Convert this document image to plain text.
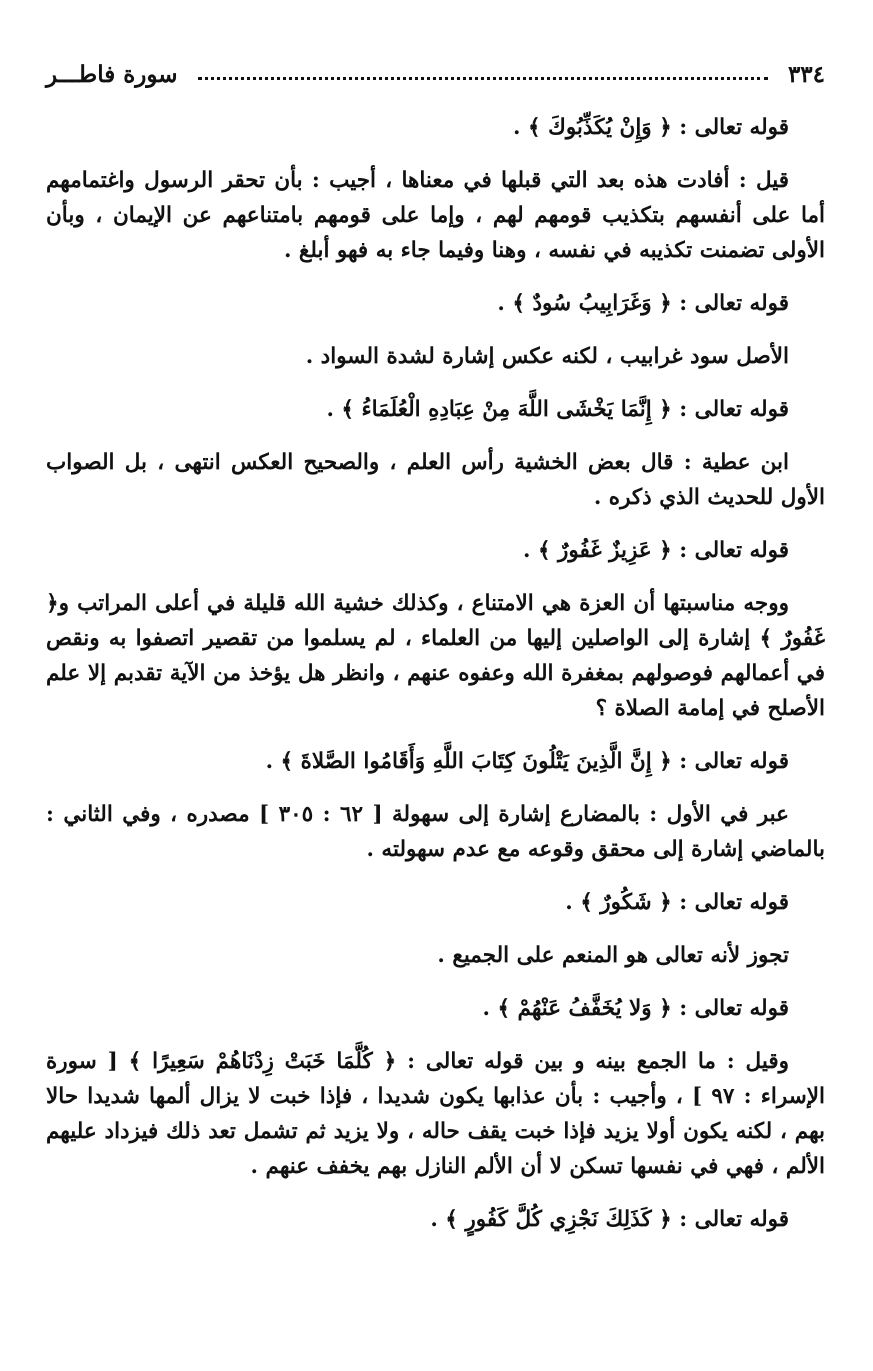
٣٣٤
سورة فاطـــر
قوله تعالى : ﴿ وَإِنْ يُكَذِّبُوكَ ﴾ .
قيل : أفادت هذه بعد التي قبلها في معناها ، أجيب : بأن تحقر الرسول واغتمامهم أما على أنفسهم بتكذيب قومهم لهم ، وإما على قومهم بامتناعهم عن الإيمان ، وبأن الأولى تضمنت تكذيبه في نفسه ، وهنا وفيما جاء به فهو أبلغ .
قوله تعالى : ﴿ وَغَرَابِيبُ سُودٌ ﴾ .
الأصل سود غرابيب ، لكنه عكس إشارة لشدة السواد .
قوله تعالى : ﴿ إِنَّمَا يَخْشَى اللَّهَ مِنْ عِبَادِهِ الْعُلَمَاءُ ﴾ .
ابن عطية : قال بعض الخشية رأس العلم ، والصحيح العكس انتهى ، بل الصواب الأول للحديث الذي ذكره .
قوله تعالى : ﴿ عَزِيزٌ غَفُورٌ ﴾ .
ووجه مناسبتها أن العزة هي الامتناع ، وكذلك خشية الله قليلة في أعلى المراتب و﴿ غَفُورٌ ﴾ إشارة إلى الواصلين إليها من العلماء ، لم يسلموا من تقصير اتصفوا به ونقص في أعمالهم فوصولهم بمغفرة الله وعفوه عنهم ، وانظر هل يؤخذ من الآية تقدبم إلا علم الأصلح في إمامة الصلاة ؟
قوله تعالى : ﴿ إِنَّ الَّذِينَ يَتْلُونَ كِتَابَ اللَّهِ وَأَقَامُوا الصَّلاةَ ﴾ .
عبر في الأول : بالمضارع إشارة إلى سهولة [ ٦٢ : ٣٠٥ ] مصدره ، وفي الثاني : بالماضي إشارة إلى محقق وقوعه مع عدم سهولته .
قوله تعالى : ﴿ شَكُورٌ ﴾ .
تجوز لأنه تعالى هو المنعم على الجميع .
قوله تعالى : ﴿ وَلا يُخَفَّفُ عَنْهُمْ ﴾ .
وقيل : ما الجمع بينه و بين قوله تعالى : ﴿ كُلَّمَا خَبَتْ زِدْنَاهُمْ سَعِيرًا ﴾ [ سورة الإسراء : ٩٧ ] ، وأجيب : بأن عذابها يكون شديدا ، فإذا خبت لا يزال ألمها شديدا حالا بهم ، لكنه يكون أولا يزيد فإذا خبت يقف حاله ، ولا يزيد ثم تشمل تعد ذلك فيزداد عليهم الألم ، فهي في نفسها تسكن لا أن الألم النازل بهم يخفف عنهم .
قوله تعالى : ﴿ كَذَلِكَ نَجْزِي كُلَّ كَفُورٍ ﴾ .
